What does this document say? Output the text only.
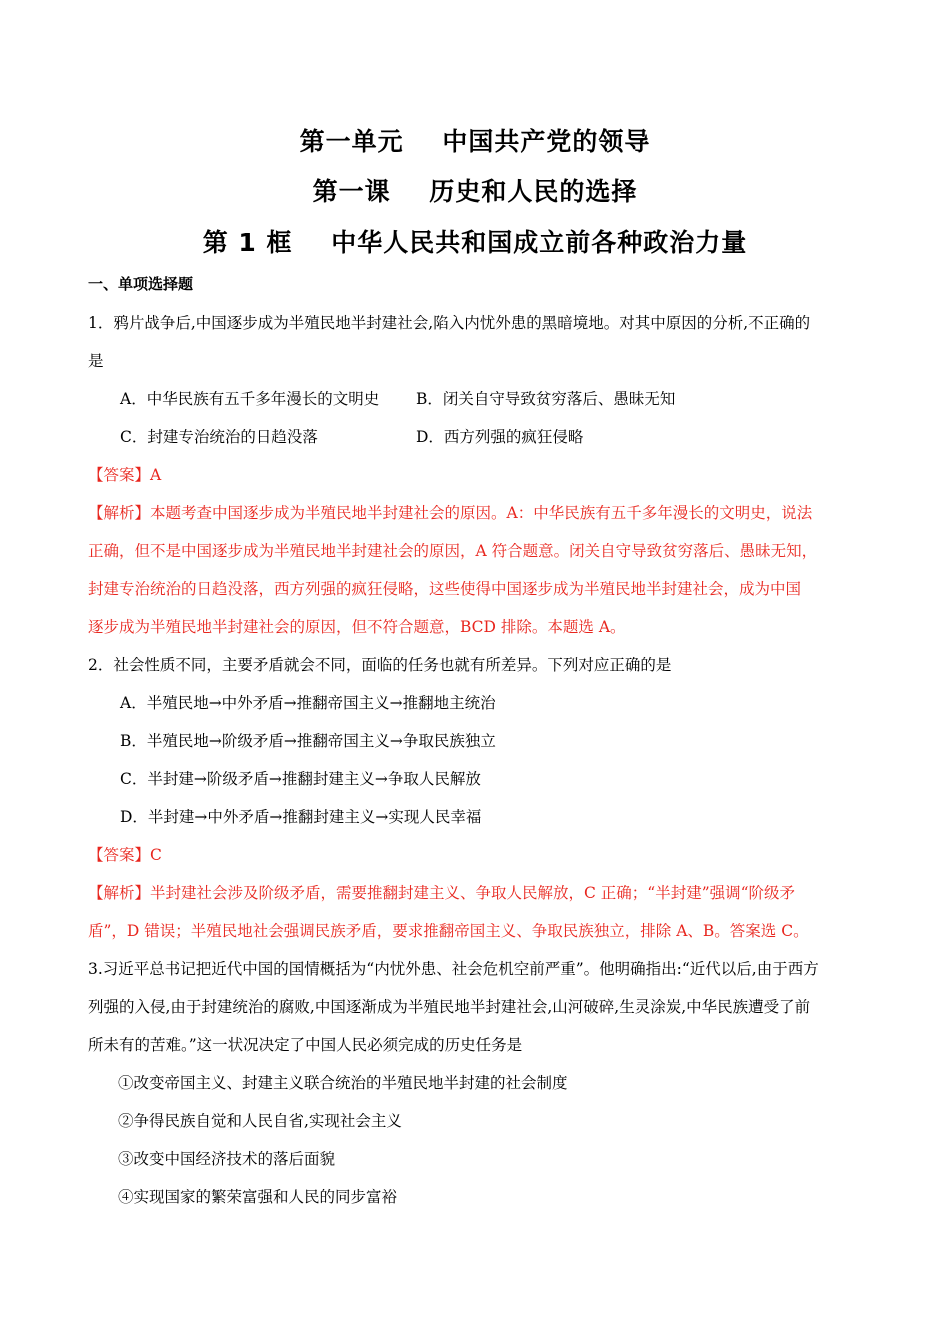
第一单元    中国共产党的领导
第一课    历史和人民的选择
第 1 框    中华人民共和国成立前各种政治力量
一、单项选择题
1．鸦片战争后,中国逐步成为半殖民地半封建社会,陷入内忧外患的黑暗境地。对其中原因的分析,不正确的
是
A．中华民族有五千多年漫长的文明史 B．闭关自守导致贫穷落后、愚昧无知
C．封建专治统治的日趋没落	D．西方列强的疯狂侵略
【答案】A
【解析】本题考查中国逐步成为半殖民地半封建社会的原因。A：中华民族有五千多年漫长的文明史，说法
正确，但不是中国逐步成为半殖民地半封建社会的原因，A 符合题意。闭关自守导致贫穷落后、愚昧无知，
封建专治统治的日趋没落，西方列强的疯狂侵略，这些使得中国逐步成为半殖民地半封建社会，成为中国
逐步成为半殖民地半封建社会的原因，但不符合题意，BCD 排除。本题选 A。
2．社会性质不同，主要矛盾就会不同，面临的任务也就有所差异。下列对应正确的是
A．半殖民地→中外矛盾→推翻帝国主义→推翻地主统治
B．半殖民地→阶级矛盾→推翻帝国主义→争取民族独立
C．半封建→阶级矛盾→推翻封建主义→争取人民解放
D．半封建→中外矛盾→推翻封建主义→实现人民幸福
【答案】C
【解析】半封建社会涉及阶级矛盾，需要推翻封建主义、争取人民解放，C 正确；“半封建”强调“阶级矛
盾”，D 错误；半殖民地社会强调民族矛盾，要求推翻帝国主义、争取民族独立，排除 A、B。答案选 C。
3.习近平总书记把近代中国的国情概括为“内忧外患、社会危机空前严重”。他明确指出:“近代以后,由于西方
列强的入侵,由于封建统治的腐败,中国逐渐成为半殖民地半封建社会,山河破碎,生灵涂炭,中华民族遭受了前
所未有的苦难。”这一状况决定了中国人民必须完成的历史任务是
①改变帝国主义、封建主义联合统治的半殖民地半封建的社会制度
②争得民族自觉和人民自省,实现社会主义
③改变中国经济技术的落后面貌
④实现国家的繁荣富强和人民的同步富裕
